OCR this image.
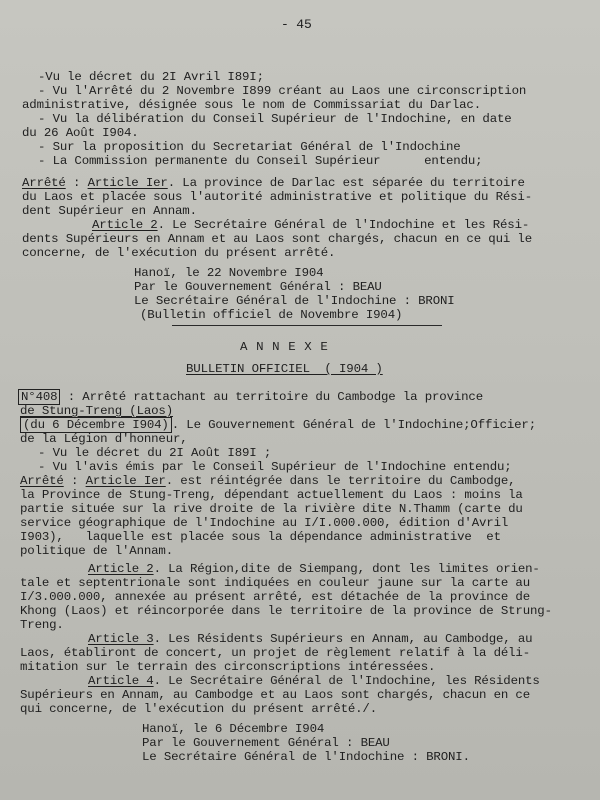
- 45
-Vu le décret du 2I Avril I89I;
- Vu l'Arrêté du 2 Novembre I899 créant au Laos une circonscription
administrative, désignée sous le nom de Commissariat du Darlac.
- Vu la délibération du Conseil Supérieur de l'Indochine, en date
du 26 Août I904.
- Sur la proposition du Secretariat Général de l'Indochine
- La Commission permanente du Conseil Supérieur      entendu;
Arrêté : Article Ier. La province de Darlac est séparée du territoire
du Laos et placée sous l'autorité administrative et politique du Rési-
dent Supérieur en Annam.
Article 2. Le Secrétaire Général de l'Indochine et les Rési-
dents Supérieurs en Annam et au Laos sont chargés, chacun en ce qui le
concerne, de l'exécution du présent arrêté.
Hanoï, le 22 Novembre I904
Par le Gouvernement Général : BEAU
Le Secrétaire Général de l'Indochine : BRONI
(Bulletin officiel de Novembre I904)
A N N E X E
BULLETIN OFFICIEL  ( I904 )
N°408 : Arrêté rattachant au territoire du Cambodge la province
de Stung-Treng (Laos)
(du 6 Décembre I904) . Le Gouvernement Général de l'Indochine;Officier;
de la Légion d'honneur,
- Vu le décret du 2I Août I89I ;
- Vu l'avis émis par le Conseil Supérieur de l'Indochine entendu;
Arrêté : Article Ier. est réintégrée dans le territoire du Cambodge,
la Province de Stung-Treng, dépendant actuellement du Laos : moins la
partie située sur la rive droite de la rivière dite N.Thamm (carte du
service géographique de l'Indochine au I/I.000.000, édition d'Avril
I903),   laquelle est placée sous la dépendance administrative  et
politique de l'Annam.
Article 2. La Région,dite de Siempang, dont les limites orien-
tale et septentrionale sont indiquées en couleur jaune sur la carte au
I/3.000.000, annexée au présent arrêté, est détachée de la province de
Khong (Laos) et réincorporée dans le territoire de la province de Strung-
Treng.
Article 3. Les Résidents Supérieurs en Annam, au Cambodge, au
Laos, établiront de concert, un projet de règlement relatif à la déli-
mitation sur le terrain des circonscriptions intéressées.
Article 4. Le Secrétaire Général de l'Indochine, les Résidents
Supérieurs en Annam, au Cambodge et au Laos sont chargés, chacun en ce
qui concerne, de l'exécution du présent arrêté./.
Hanoï, le 6 Décembre I904
Par le Gouvernement Général : BEAU
Le Secrétaire Général de l'Indochine : BRONI.
